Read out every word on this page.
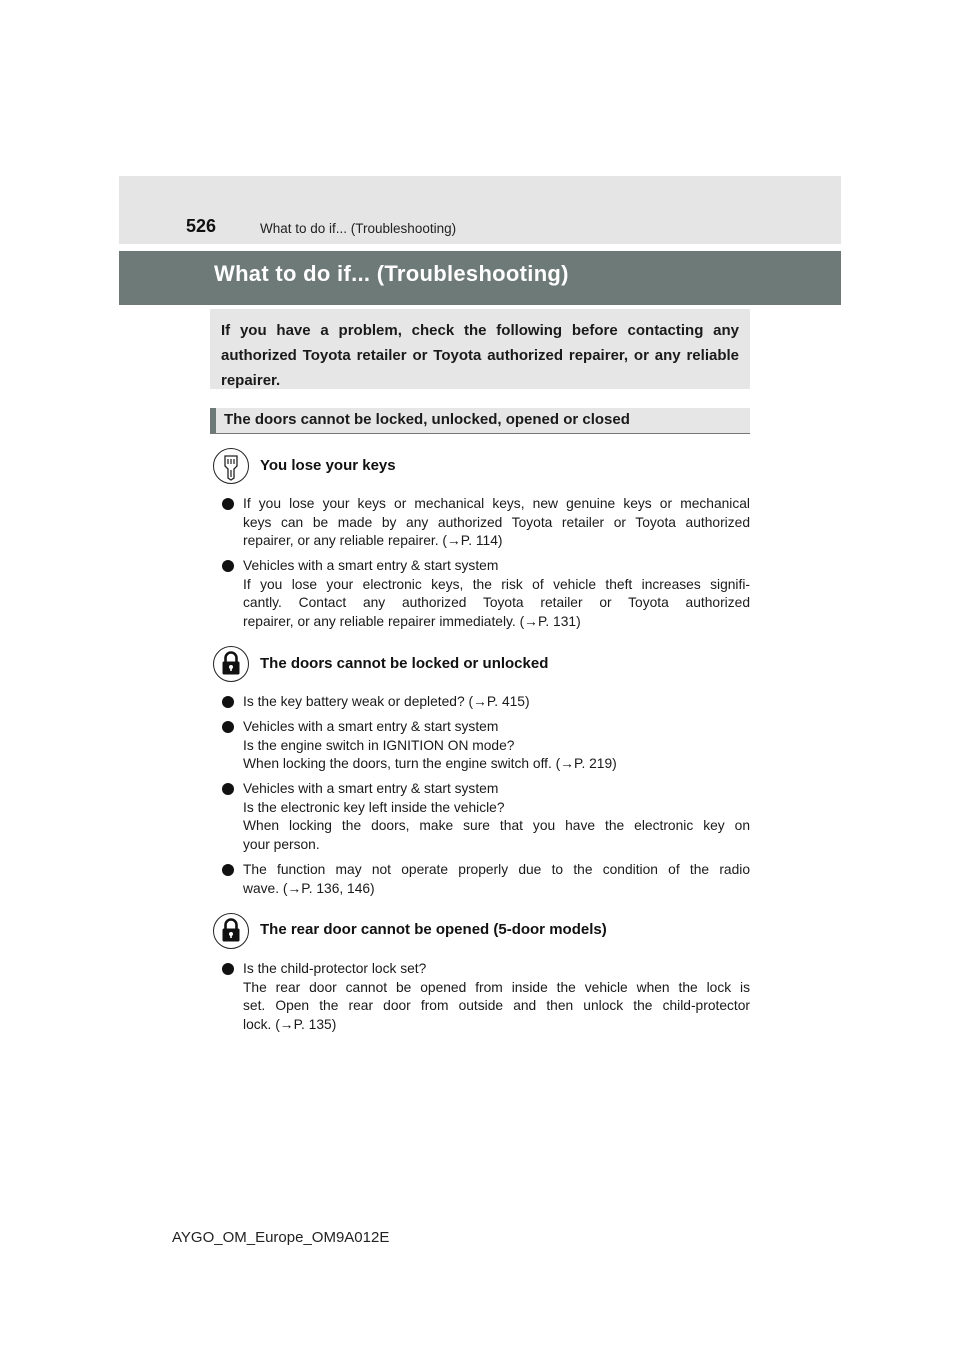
526	What to do if... (Troubleshooting)
What to do if... (Troubleshooting)
If you have a problem, check the following before contacting any authorized Toyota retailer or Toyota authorized repairer, or any reliable repairer.
The doors cannot be locked, unlocked, opened or closed
You lose your keys
If you lose your keys or mechanical keys, new genuine keys or mechanical
keys can be made by any authorized Toyota retailer or Toyota authorized
repairer, or any reliable repairer. (→P. 114)
Vehicles with a smart entry & start system
If you lose your electronic keys, the risk of vehicle theft increases signifi-
cantly. Contact any authorized Toyota retailer or Toyota authorized
repairer, or any reliable repairer immediately. (→P. 131)
The doors cannot be locked or unlocked
Is the key battery weak or depleted? (→P. 415)
Vehicles with a smart entry & start system
Is the engine switch in IGNITION ON mode?
When locking the doors, turn the engine switch off. (→P. 219)
Vehicles with a smart entry & start system
Is the electronic key left inside the vehicle?
When locking the doors, make sure that you have the electronic key on
your person.
The function may not operate properly due to the condition of the radio
wave. (→P. 136, 146)
The rear door cannot be opened (5-door models)
Is the child-protector lock set?
The rear door cannot be opened from inside the vehicle when the lock is
set. Open the rear door from outside and then unlock the child-protector
lock. (→P. 135)
AYGO_OM_Europe_OM9A012E
